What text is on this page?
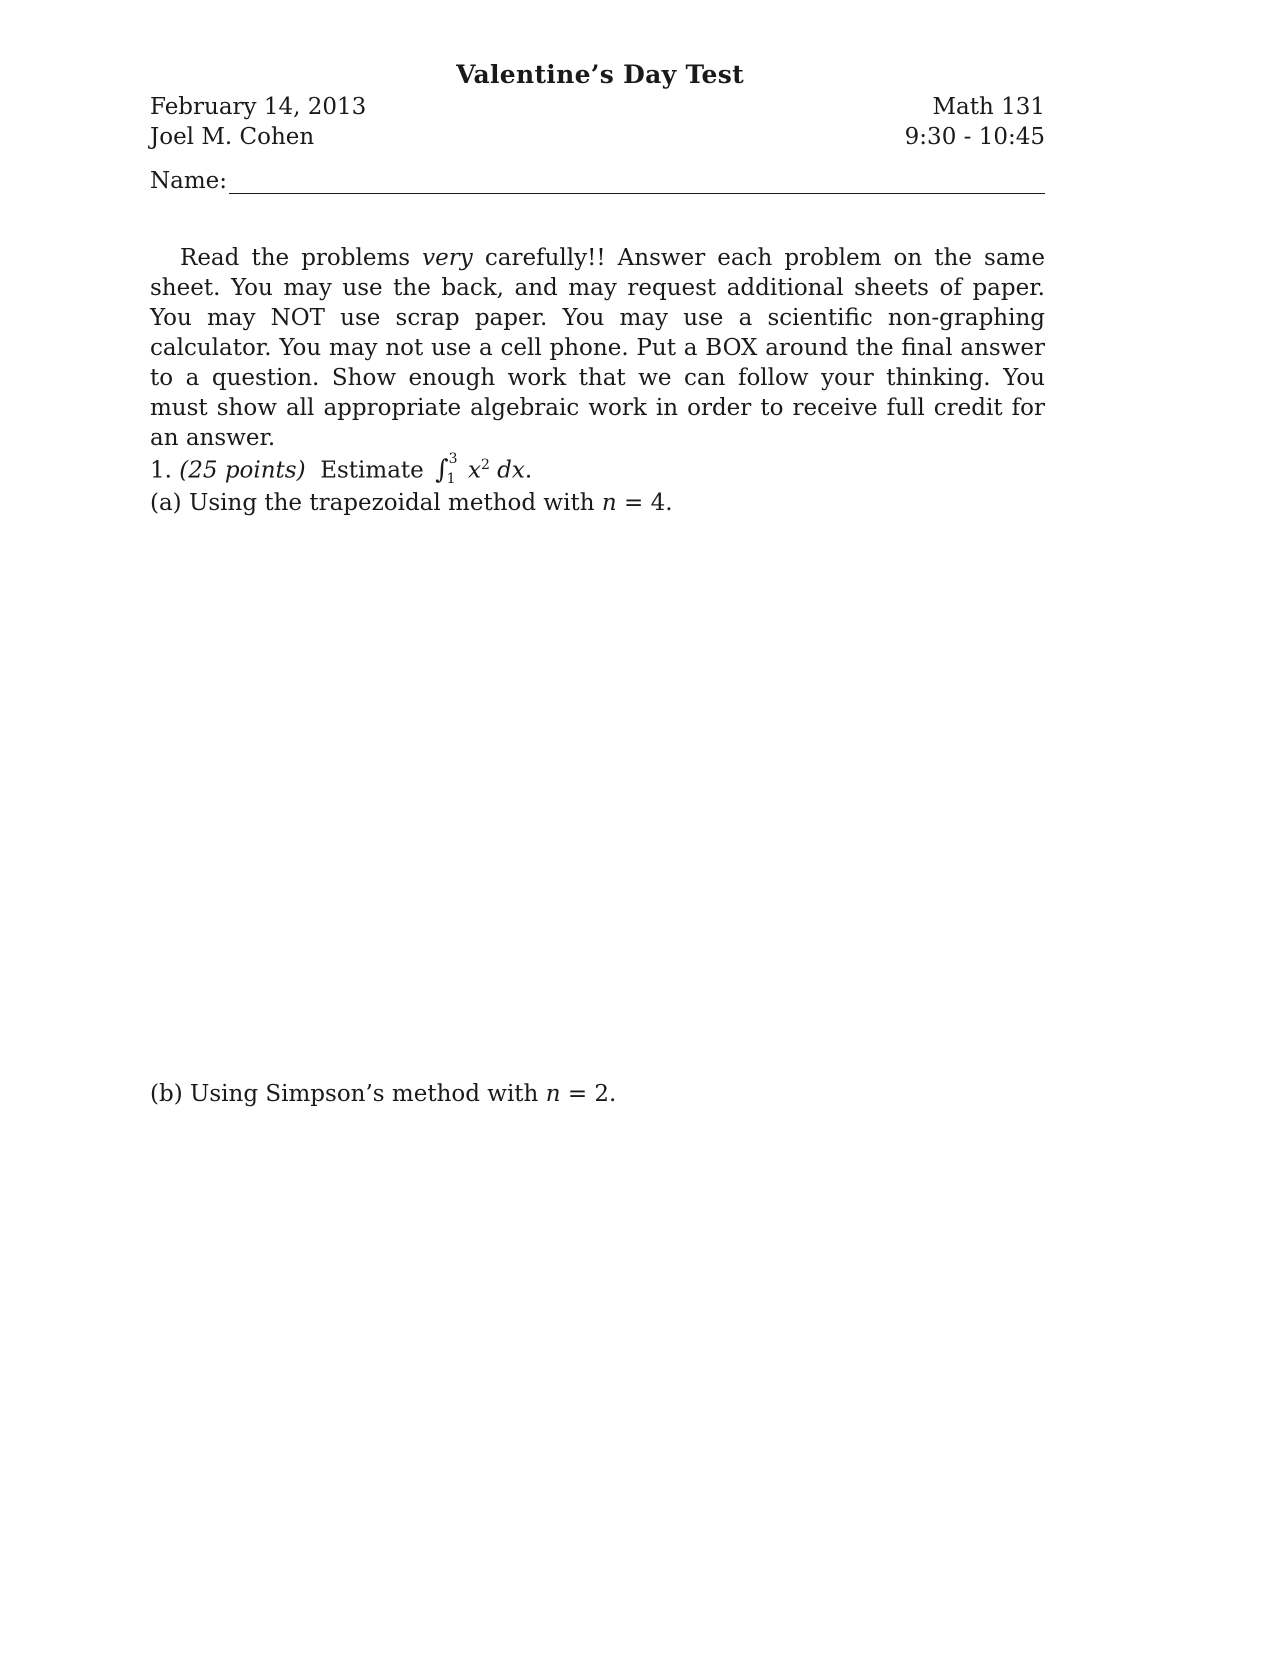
Valentine’s Day Test
February 14, 2013
Joel M. Cohen
Math 131
9:30 - 10:45
Name:

Read the problems very carefully!! Answer each problem on the same sheet. You may use the back, and may request additional sheets of paper. You may NOT use scrap paper. You may use a scientific non-graphing calculator. You may not use a cell phone. Put a BOX around the final answer to a question. Show enough work that we can follow your thinking. You must show all appropriate algebraic work in order to receive full credit for an answer.

1. (25 points) Estimate ∫ 3
1 $x^2$ dx.
(a) Using the trapezoidal method with n = 4.
(b) Using Simpson’s method with n = 2.
